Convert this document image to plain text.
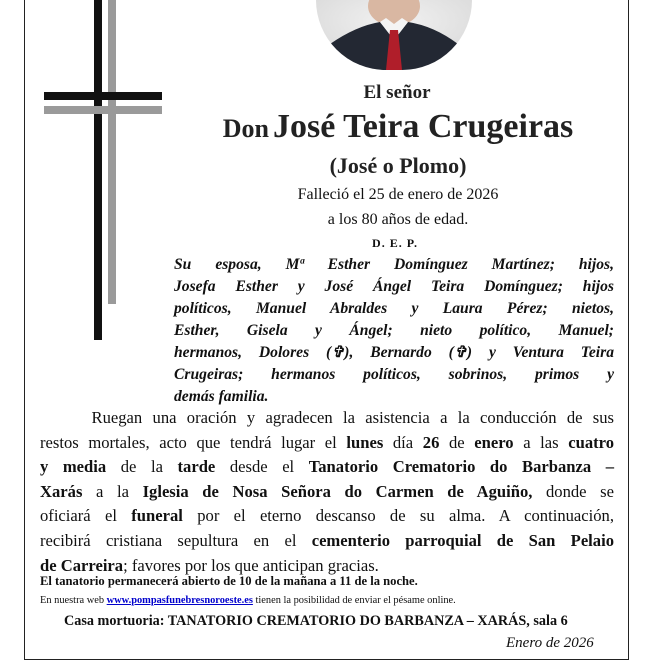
El señor
Don José Teira Crugeiras
(José o Plomo)
Falleció el 25 de enero de 2026
a los 80 años de edad.
D. E. P.
Su esposa, Mª Esther Domínguez Martínez; hijos,
Josefa Esther y José Ángel Teira Domínguez; hijos
políticos, Manuel Abraldes y Laura Pérez; nietos,
Esther, Gisela y Ángel; nieto político, Manuel;
hermanos, Dolores (✞), Bernardo (✞) y Ventura Teira
Crugeiras; hermanos políticos, sobrinos, primos y
demás familia.
Ruegan una oración y agradecen la asistencia a la conducción de sus
restos mortales, acto que tendrá lugar el lunes día 26 de enero a las cuatro
y media de la tarde desde el Tanatorio Crematorio do Barbanza –
Xarás a la Iglesia de Nosa Señora do Carmen de Aguiño, donde se
oficiará el funeral por el eterno descanso de su alma. A continuación,
recibirá cristiana sepultura en el cementerio parroquial de San Pelaio
de Carreira; favores por los que anticipan gracias.
El tanatorio permanecerá abierto de 10 de la mañana a 11 de la noche.
En nuestra web www.pompasfunebresnoroeste.es tienen la posibilidad de enviar el pésame online.
Casa mortuoria: TANATORIO CREMATORIO DO BARBANZA – XARÁS, sala 6
Enero de 2026
